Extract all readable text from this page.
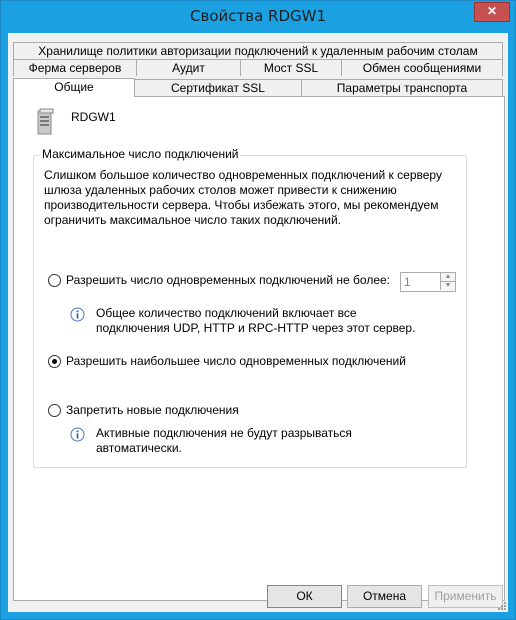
Свойства RDGW1	✕
Хранилище политики авторизации подключений к удаленным рабочим столам
Ферма серверов	Аудит	Мост SSL	Обмен сообщениями
Общие	Сертификат SSL	Параметры транспорта
RDGW1
Максимальное число подключений
Слишком большое количество одновременных подключений к серверу шлюза удаленных рабочих столов может привести к снижению производительности сервера. Чтобы избежать этого, мы рекомендуем ограничить максимальное число таких подключений.
Разрешить число одновременных подключений не более: 1	▲
▼
Общее количество подключений включает все подключения UDP, HTTP и RPC-HTTP через этот сервер.
Разрешить наибольшее число одновременных подключений
Запретить новые подключения
Активные подключения не будут разрываться автоматически.
ОК	Отмена	Применить
